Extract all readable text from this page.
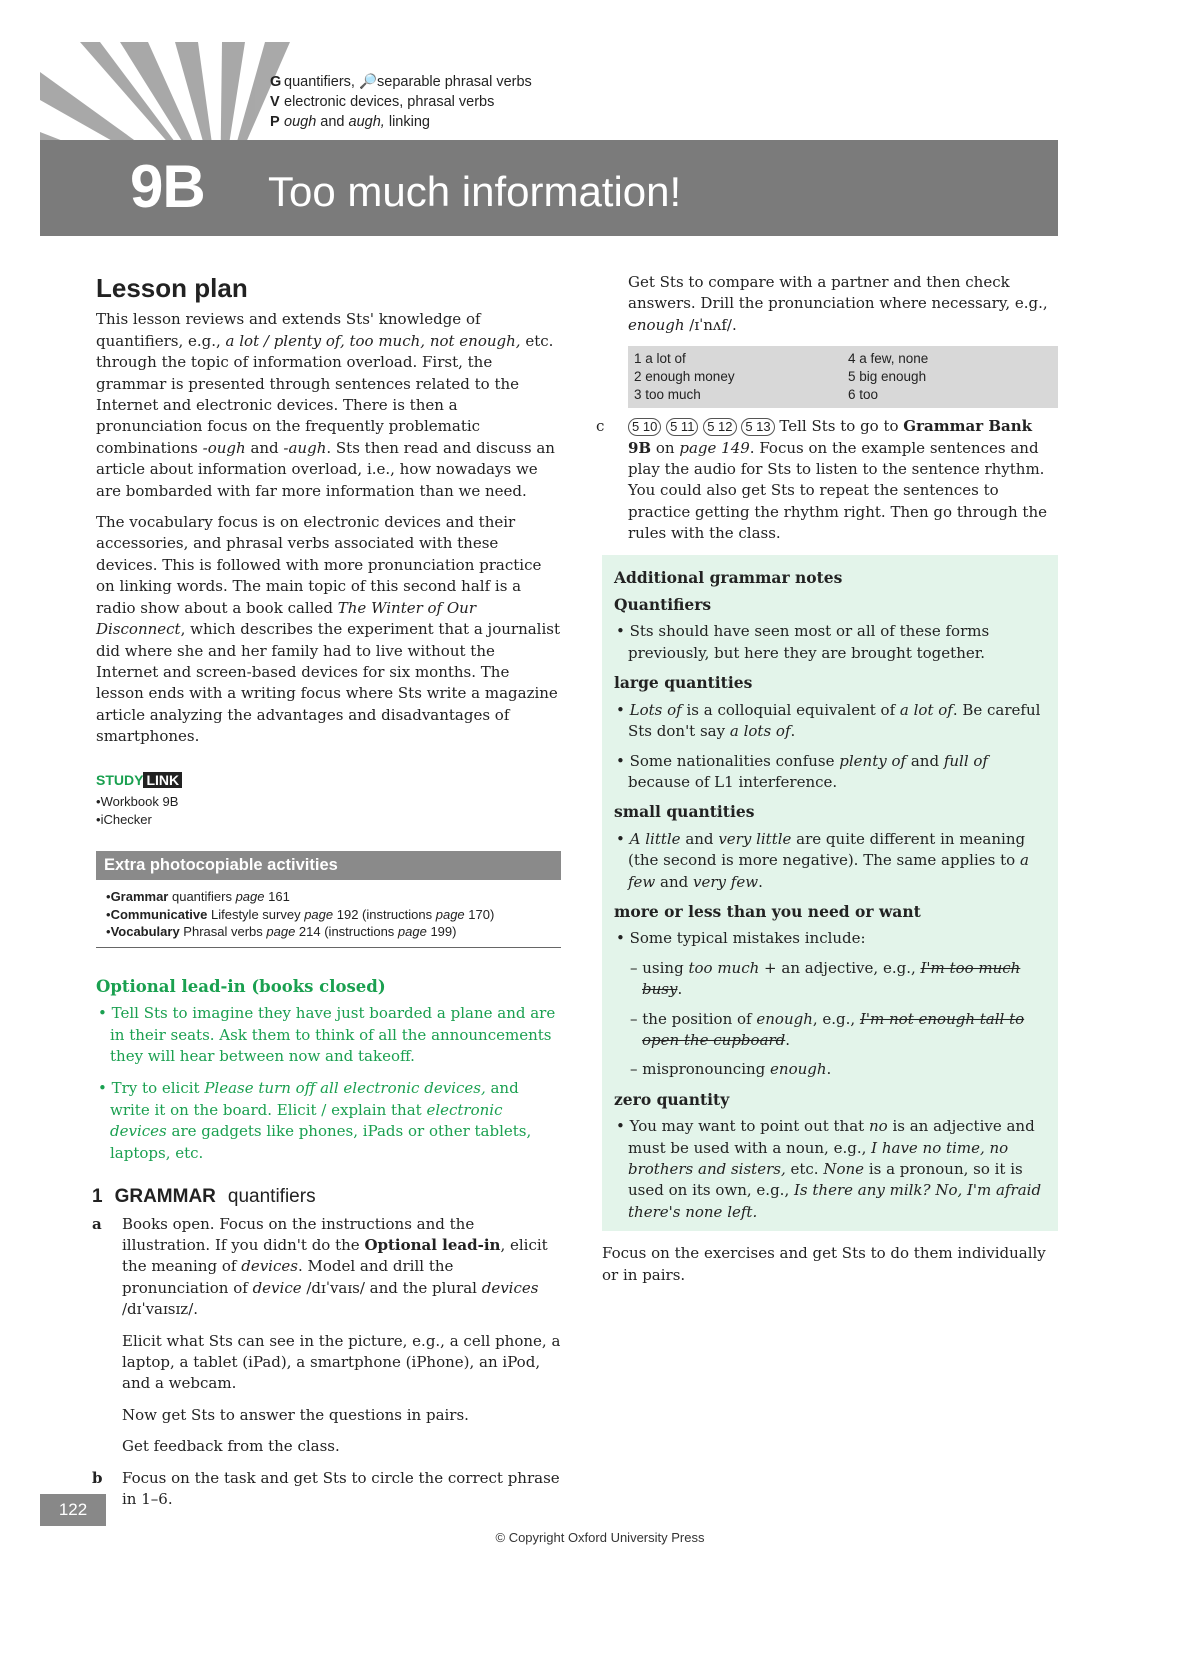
G quantifiers, 🔎separable phrasal verbs
V electronic devices, phrasal verbs
P ough and augh, linking
9B Too much information!
Lesson plan

This lesson reviews and extends Sts' knowledge of quantifiers, e.g., a lot / plenty of, too much, not enough, etc. through the topic of information overload. First, the grammar is presented through sentences related to the Internet and electronic devices. There is then a pronunciation focus on the frequently problematic combinations -ough and -augh. Sts then read and discuss an article about information overload, i.e., how nowadays we are bombarded with far more information than we need.

The vocabulary focus is on electronic devices and their accessories, and phrasal verbs associated with these devices. This is followed with more pronunciation practice on linking words. The main topic of this second half is a radio show about a book called The Winter of Our Disconnect, which describes the experiment that a journalist did where she and her family had to live without the Internet and screen-based devices for six months. The lesson ends with a writing focus where Sts write a magazine article analyzing the advantages and disadvantages of smartphones.

STUDY LINK
• Workbook 9B
• iChecker
Extra photocopiable activities
• Grammar quantifiers page 161
• Communicative Lifestyle survey page 192 (instructions page 170)
• Vocabulary Phrasal verbs page 214 (instructions page 199)
Optional lead-in (books closed)

• Tell Sts to imagine they have just boarded a plane and are in their seats. Ask them to think of all the announcements they will hear between now and takeoff.

• Try to elicit Please turn off all electronic devices, and write it on the board. Elicit / explain that electronic devices are gadgets like phones, iPads or other tablets, laptops, etc.

1 GRAMMAR quantifiers
a Books open. Focus on the instructions and the illustration. If you didn't do the Optional lead-in, elicit the meaning of devices. Model and drill the pronunciation of device /dɪˈvaɪs/ and the plural devices /dɪˈvaɪsɪz/.

Elicit what Sts can see in the picture, e.g., a cell phone, a laptop, a tablet (iPad), a smartphone (iPhone), an iPod, and a webcam.

Now get Sts to answer the questions in pairs.

Get feedback from the class.

b Focus on the task and get Sts to circle the correct phrase in 1–6.

Get Sts to compare with a partner and then check answers. Drill the pronunciation where necessary, e.g., enough /ɪˈnʌf/.

1 a lot of	4 a few, none
2 enough money	5 big enough
3 too much	6 too
c	5 10 5 11 5 12 5 13 Tell Sts to go to Grammar Bank 9B on page 149. Focus on the example sentences and play the audio for Sts to listen to the sentence rhythm. You could also get Sts to repeat the sentences to practice getting the rhythm right. Then go through the rules with the class.

Additional grammar notes
Quantifiers

• Sts should have seen most or all of these forms previously, but here they are brought together.

large quantities

• Lots of is a colloquial equivalent of a lot of. Be careful Sts don't say a lots of.

• Some nationalities confuse plenty of and full of because of L1 interference.

small quantities

• A little and very little are quite different in meaning (the second is more negative). The same applies to a few and very few.

more or less than you need or want

• Some typical mistakes include:

– using too much + an adjective, e.g., I'm too much busy.

– the position of enough, e.g., I'm not enough tall to open the cupboard.

– mispronouncing enough.

zero quantity

• You may want to point out that no is an adjective and must be used with a noun, e.g., I have no time, no brothers and sisters, etc. None is a pronoun, so it is used on its own, e.g., Is there any milk? No, I'm afraid there's none left.

Focus on the exercises and get Sts to do them individually or in pairs.

122
© Copyright Oxford University Press
